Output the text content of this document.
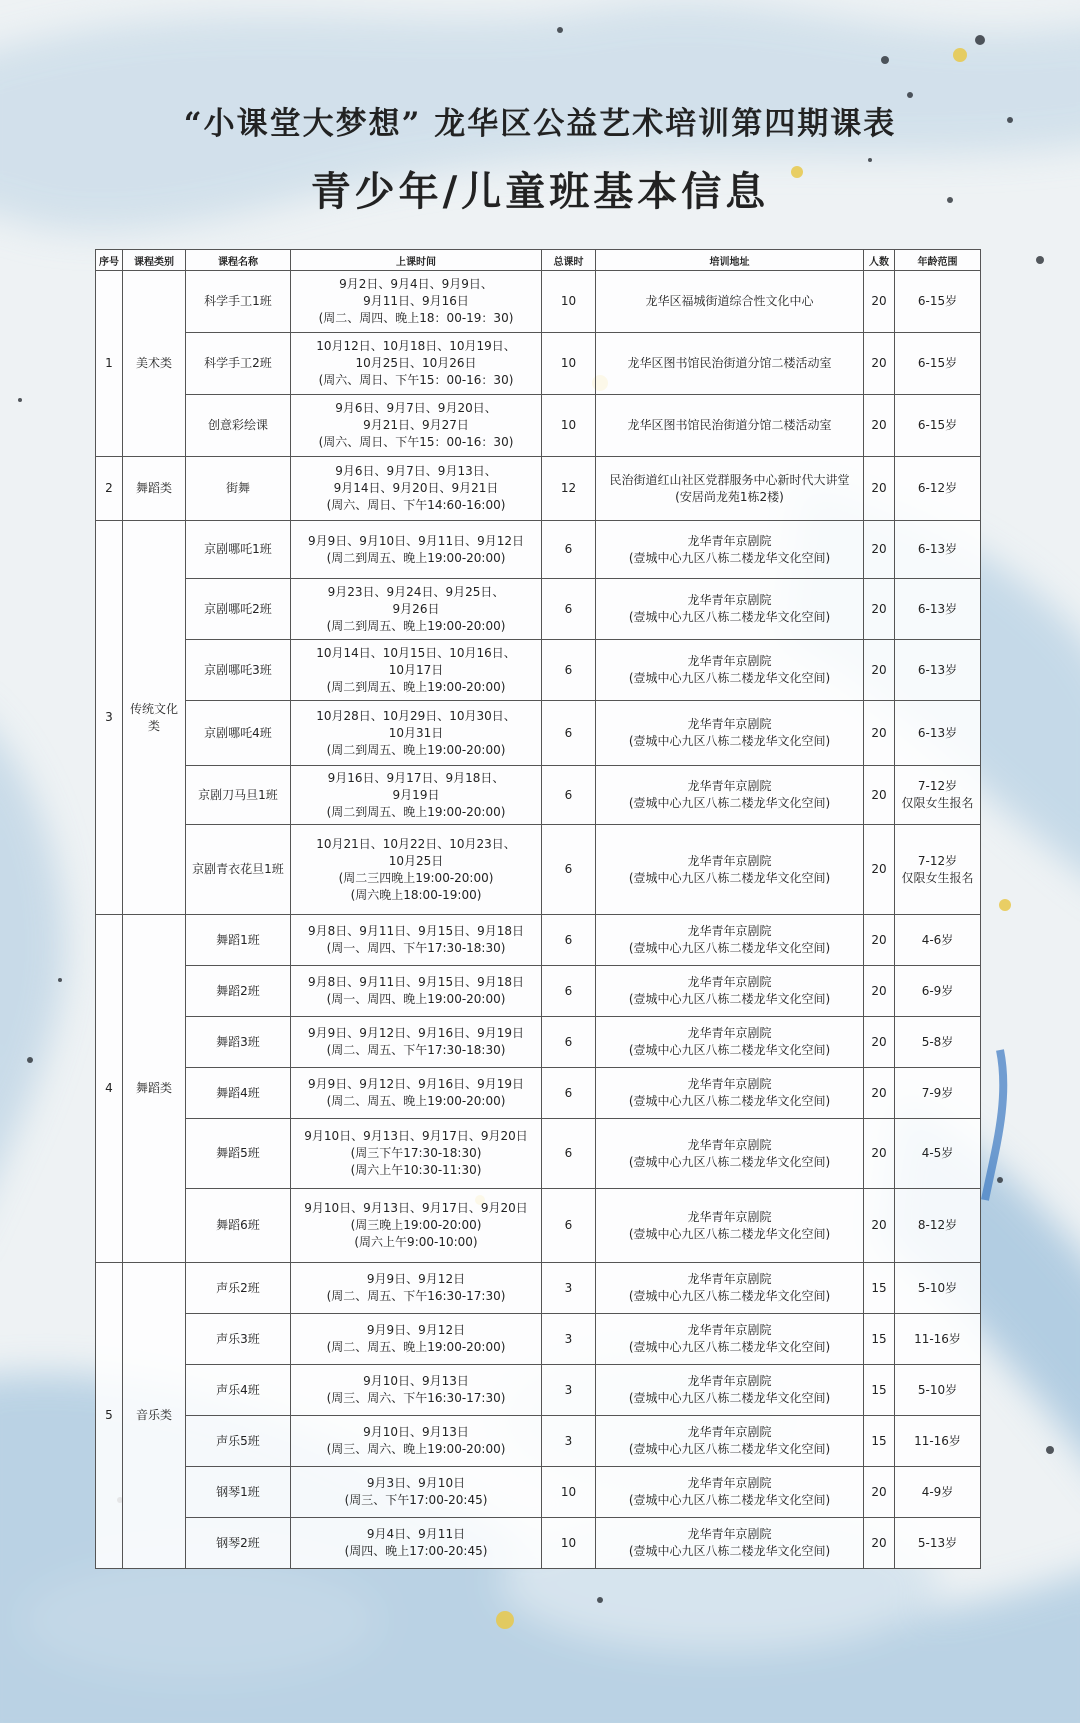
“小课堂大梦想” 龙华区公益艺术培训第四期课表
青少年/儿童班基本信息
序号	课程类别	课程名称	上课时间	总课时	培训地址	人数	年龄范围
1	美术类	科学手工1班	9月2日、9月4日、9月9日、
9月11日、9月16日
(周二、周四、晚上18：00-19：30)	10	龙华区福城街道综合性文化中心	20	6-15岁

		科学手工2班	10月12日、10月18日、10月19日、
10月25日、10月26日
(周六、周日、下午15：00-16：30)	10	龙华区图书馆民治街道分馆二楼活动室	20	6-15岁

		创意彩绘课	9月6日、9月7日、9月20日、
9月21日、9月27日
(周六、周日、下午15：00-16：30)	10	龙华区图书馆民治街道分馆二楼活动室	20	6-15岁

2	舞蹈类	街舞	9月6日、9月7日、9月13日、
9月14日、9月20日、9月21日
(周六、周日、下午14:60-16:00)	12	民治街道红山社区党群服务中心新时代大讲堂
(安居尚龙苑1栋2楼)	20	6-12岁

3	传统文化类	京剧哪吒1班	9月9日、9月10日、9月11日、9月12日
(周二到周五、晚上19:00-20:00)	6	龙华青年京剧院
(壹城中心九区八栋二楼龙华文化空间)	20	6-13岁

		京剧哪吒2班	9月23日、9月24日、9月25日、
9月26日
(周二到周五、晚上19:00-20:00)	6	龙华青年京剧院
(壹城中心九区八栋二楼龙华文化空间)	20	6-13岁

		京剧哪吒3班	10月14日、10月15日、10月16日、
10月17日
(周二到周五、晚上19:00-20:00)	6	龙华青年京剧院
(壹城中心九区八栋二楼龙华文化空间)	20	6-13岁

		京剧哪吒4班	10月28日、10月29日、10月30日、
10月31日
(周二到周五、晚上19:00-20:00)	6	龙华青年京剧院
(壹城中心九区八栋二楼龙华文化空间)	20	6-13岁

		京剧刀马旦1班	9月16日、9月17日、9月18日、
9月19日
(周二到周五、晚上19:00-20:00)	6	龙华青年京剧院
(壹城中心九区八栋二楼龙华文化空间)	20	7-12岁
仅限女生报名

		京剧青衣花旦1班	10月21日、10月22日、10月23日、
10月25日
(周二三四晚上19:00-20:00)
(周六晚上18:00-19:00)	6	龙华青年京剧院
(壹城中心九区八栋二楼龙华文化空间)	20	7-12岁
仅限女生报名

4	舞蹈类	舞蹈1班	9月8日、9月11日、9月15日、9月18日
(周一、周四、下午17:30-18:30)	6	龙华青年京剧院
(壹城中心九区八栋二楼龙华文化空间)	20	4-6岁

		舞蹈2班	9月8日、9月11日、9月15日、9月18日
(周一、周四、晚上19:00-20:00)	6	龙华青年京剧院
(壹城中心九区八栋二楼龙华文化空间)	20	6-9岁

		舞蹈3班	9月9日、9月12日、9月16日、9月19日
(周二、周五、下午17:30-18:30)	6	龙华青年京剧院
(壹城中心九区八栋二楼龙华文化空间)	20	5-8岁

		舞蹈4班	9月9日、9月12日、9月16日、9月19日
(周二、周五、晚上19:00-20:00)	6	龙华青年京剧院
(壹城中心九区八栋二楼龙华文化空间)	20	7-9岁

		舞蹈5班	9月10日、9月13日、9月17日、9月20日
(周三下午17:30-18:30)
(周六上午10:30-11:30)	6	龙华青年京剧院
(壹城中心九区八栋二楼龙华文化空间)	20	4-5岁

		舞蹈6班	9月10日、9月13日、9月17日、9月20日
(周三晚上19:00-20:00)
(周六上午9:00-10:00)	6	龙华青年京剧院
(壹城中心九区八栋二楼龙华文化空间)	20	8-12岁

5	音乐类	声乐2班	9月9日、9月12日
(周二、周五、下午16:30-17:30)	3	龙华青年京剧院
(壹城中心九区八栋二楼龙华文化空间)	15	5-10岁

		声乐3班	9月9日、9月12日
(周二、周五、晚上19:00-20:00)	3	龙华青年京剧院
(壹城中心九区八栋二楼龙华文化空间)	15	11-16岁

		声乐4班	9月10日、9月13日
(周三、周六、下午16:30-17:30)	3	龙华青年京剧院
(壹城中心九区八栋二楼龙华文化空间)	15	5-10岁

		声乐5班	9月10日、9月13日
(周三、周六、晚上19:00-20:00)	3	龙华青年京剧院
(壹城中心九区八栋二楼龙华文化空间)	15	11-16岁

		钢琴1班	9月3日、9月10日
(周三、下午17:00-20:45)	10	龙华青年京剧院
(壹城中心九区八栋二楼龙华文化空间)	20	4-9岁

		钢琴2班	9月4日、9月11日
(周四、晚上17:00-20:45)	10	龙华青年京剧院
(壹城中心九区八栋二楼龙华文化空间)	20	5-13岁
